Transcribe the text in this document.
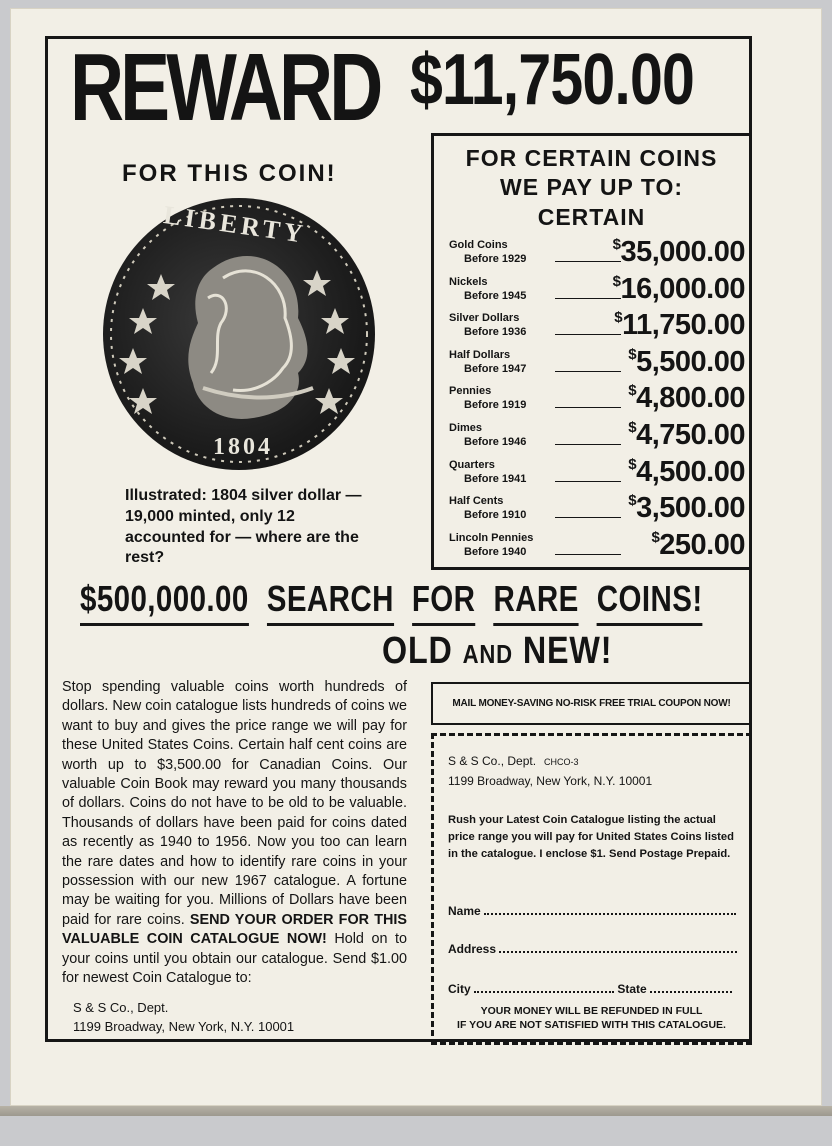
REWARD $11,750.00
FOR THIS COIN!
LIBERTY
1804
Illustrated: 1804 silver dollar — 19,000 minted, only 12 accounted for — where are the rest?
FOR CERTAIN COINS
WE PAY UP TO:
CERTAIN
Gold Coins
Before 1929
$35,000.00
Nickels
Before 1945
$16,000.00
Silver Dollars
Before 1936
$11,750.00
Half Dollars
Before 1947
$5,500.00
Pennies
Before 1919
$4,800.00
Dimes
Before 1946
$4,750.00
Quarters
Before 1941
$4,500.00
Half Cents
Before 1910
$3,500.00
Lincoln Pennies
Before 1940
$250.00
$500,000.00 SEARCH FOR RARE COINS!
OLD AND NEW!
Stop spending valuable coins worth hundreds of dollars. New coin catalogue lists hundreds of coins we want to buy and gives the price range we will pay for these United States Coins. Certain half cent coins are worth up to $3,500.00 for Canadian Coins. Our valuable Coin Book may reward you many thousands of dollars. Coins do not have to be old to be valuable. Thousands of dollars have been paid for coins dated as recently as 1940 to 1956. Now you too can learn the rare dates and how to identify rare coins in your possession with our new 1967 catalogue. A fortune may be waiting for you. Millions of Dollars have been paid for rare coins. SEND YOUR ORDER FOR THIS VALUABLE COIN CATALOGUE NOW! Hold on to your coins until you obtain our catalogue. Send $1.00 for newest Coin Catalogue to:
S & S Co., Dept.
1199 Broadway, New York, N.Y. 10001
MAIL MONEY-SAVING NO-RISK FREE TRIAL COUPON NOW!
S & S Co., Dept. CHCO-3
1199 Broadway, New York, N.Y. 10001
Rush your Latest Coin Catalogue listing the actual price range you will pay for United States Coins listed in the catalogue. I enclose $1. Send Postage Prepaid.
Name
Address
City	State
YOUR MONEY WILL BE REFUNDED IN FULL
IF YOU ARE NOT SATISFIED WITH THIS CATALOGUE.
